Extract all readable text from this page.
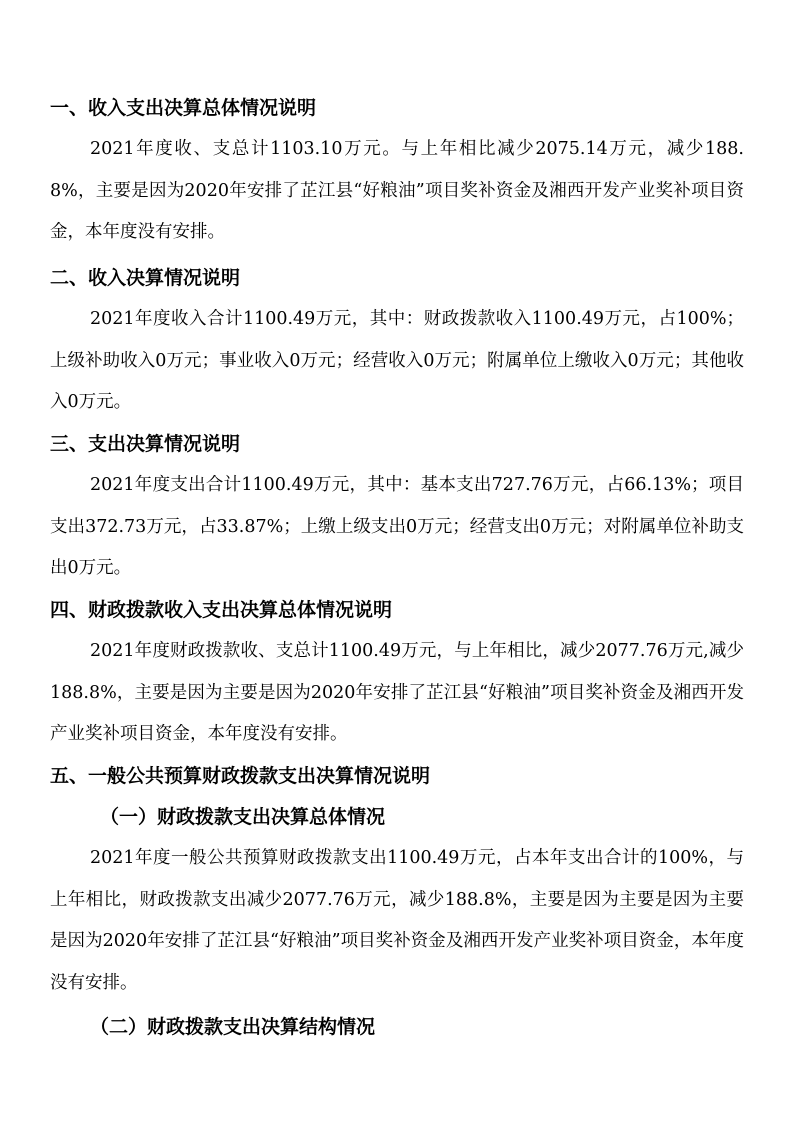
一、收入支出决算总体情况说明
2021年度收、支总计1103.10万元。与上年相比减少2075.14万元，减少188.8%，主要是因为2020年安排了芷江县“好粮油”项目奖补资金及湘西开发产业奖补项目资金，本年度没有安排。
二、收入决算情况说明
2021年度收入合计1100.49万元，其中：财政拨款收入1100.49万元，占100%；上级补助收入0万元；事业收入0万元；经营收入0万元；附属单位上缴收入0万元；其他收入0万元。
三、支出决算情况说明
2021年度支出合计1100.49万元，其中：基本支出727.76万元，占66.13%；项目支出372.73万元，占33.87%；上缴上级支出0万元；经营支出0万元；对附属单位补助支出0万元。
四、财政拨款收入支出决算总体情况说明
2021年度财政拨款收、支总计1100.49万元，与上年相比，减少2077.76万元,减少188.8%，主要是因为主要是因为2020年安排了芷江县“好粮油”项目奖补资金及湘西开发产业奖补项目资金，本年度没有安排。
五、一般公共预算财政拨款支出决算情况说明
（一）财政拨款支出决算总体情况
2021年度一般公共预算财政拨款支出1100.49万元，占本年支出合计的100%，与上年相比，财政拨款支出减少2077.76万元，减少188.8%，主要是因为主要是因为主要是因为2020年安排了芷江县“好粮油”项目奖补资金及湘西开发产业奖补项目资金，本年度没有安排。
（二）财政拨款支出决算结构情况
